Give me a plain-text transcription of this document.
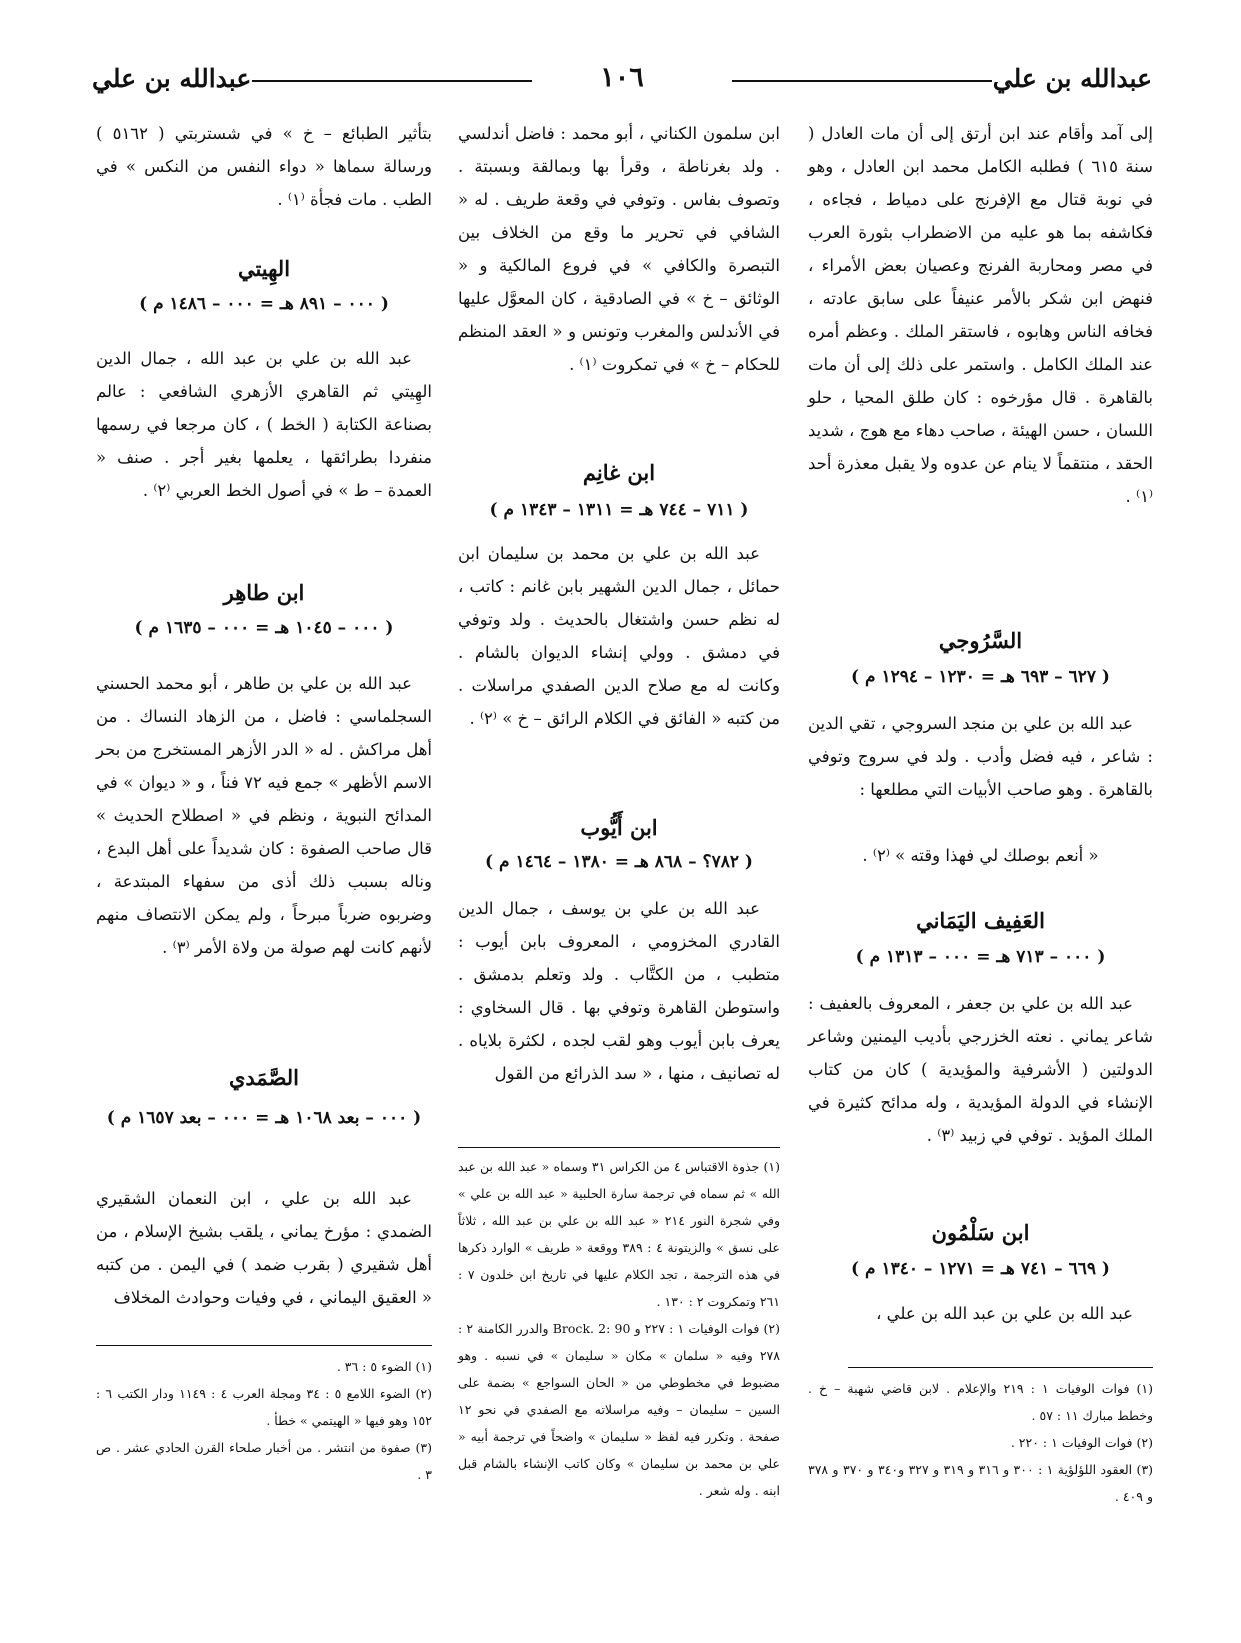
عبدالله بن علي
١٠٦
عبدالله بن علي

إلى آمد وأقام عند ابن أرتق إلى أن مات العادل ( سنة ٦١٥ ) فطلبه الكامل محمد ابن العادل ، وهو في نوبة قتال مع الإفرنج على دمياط ، فجاءه ، فكاشفه بما هو عليه من الاضطراب بثورة العرب في مصر ومحاربة الفرنج وعصيان بعض الأمراء ، فنهض ابن شكر بالأمر عنيفاً على سابق عادته ، فخافه الناس وهابوه ، فاستقر الملك . وعظم أمره عند الملك الكامل . واستمر على ذلك إلى أن مات بالقاهرة . قال مؤرخوه : كان طلق المحيا ، حلو اللسان ، حسن الهيئة ، صاحب دهاء مع هوج ، شديد الحقد ، منتقماً لا ينام عن عدوه ولا يقبل معذرة أحد ⁽١⁾ .

السَّرُوجي
( ٦٢٧ – ٦٩٣ هـ = ١٢٣٠ – ١٢٩٤ م )

عبد الله بن علي بن منجد السروجي ، تقي الدين : شاعر ، فيه فضل وأدب . ولد في سروج وتوفي بالقاهرة . وهو صاحب الأبيات التي مطلعها :

« أنعم بوصلك لي فهذا وقته » ⁽٢⁾ .

العَفِيف اليَمَاني
( ٠٠٠ – ٧١٣ هـ = ٠٠٠ – ١٣١٣ م )

عبد الله بن علي بن جعفر ، المعروف بالعفيف : شاعر يماني . نعته الخزرجي بأديب اليمنين وشاعر الدولتين ( الأشرفية والمؤيدية ) كان من كتاب الإنشاء في الدولة المؤيدية ، وله مدائح كثيرة في الملك المؤيد . توفي في زبيد ⁽٣⁾ .

ابن سَلْمُون
( ٦٦٩ – ٧٤١ هـ = ١٢٧١ – ١٣٤٠ م )

عبد الله بن علي بن عبد الله بن علي ،

(١) فوات الوفيات ١ : ٢١٩ والإعلام . لابن قاضي شهبة – خ . وخطط مبارك ١١ : ٥٧ .

(٢) فوات الوفيات ١ : ٢٢٠ .

(٣) العقود اللؤلؤية ١ : ٣٠٠ و ٣١٦ و ٣١٩ و ٣٢٧ و٣٤٠ و ٣٧٠ و ٣٧٨ و ٤٠٩ .

ابن سلمون الكناني ، أبو محمد : فاضل أندلسي . ولد بغرناطة ، وقرأ بها وبمالقة وبسبتة . وتصوف بفاس . وتوفي في وقعة طريف . له « الشافي في تحرير ما وقع من الخلاف بين التبصرة والكافي » في فروع المالكية و « الوثائق – خ » في الصادقية ، كان المعوَّل عليها في الأندلس والمغرب وتونس و « العقد المنظم للحكام – خ » في تمكروت ⁽١⁾ .

ابن غانِم
( ٧١١ – ٧٤٤ هـ = ١٣١١ – ١٣٤٣ م )

عبد الله بن علي بن محمد بن سليمان ابن حمائل ، جمال الدين الشهير بابن غانم : كاتب ، له نظم حسن واشتغال بالحديث . ولد وتوفي في دمشق . وولي إنشاء الديوان بالشام . وكانت له مع صلاح الدين الصفدي مراسلات . من كتبه « الفائق في الكلام الرائق – خ » ⁽٢⁾ .

ابن أَيُّوب
( ٧٨٢؟ – ٨٦٨ هـ = ١٣٨٠ – ١٤٦٤ م )

عبد الله بن علي بن يوسف ، جمال الدين القادري المخزومي ، المعروف بابن أيوب : متطبب ، من الكتَّاب . ولد وتعلم بدمشق . واستوطن القاهرة وتوفي بها . قال السخاوي : يعرف بابن أيوب وهو لقب لجده ، لكثرة بلاياه . له تصانيف ، منها ، « سد الذرائع من القول

(١) جذوة الاقتباس ٤ من الكراس ٣١ وسماه « عبد الله بن عبد الله » ثم سماه في ترجمة سارة الحلبية « عبد الله بن علي » وفي شجرة النور ٢١٤ « عبد الله بن علي بن عبد الله ، ثلاثاً على نسق » والزيتونة ٤ : ٣٨٩ ووقعة « طريف » الوارد ذكرها في هذه الترجمة ، تجد الكلام عليها في تاريخ ابن خلدون ٧ : ٢٦١ وتمكروت ٢ : ١٣٠ .

(٢) فوات الوفيات ١ : ٢٢٧ و Brock. 2: 90 والدرر الكامنة ٢ : ٢٧٨ وفيه « سلمان » مكان « سليمان » في نسبه . وهو مضبوط في مخطوطي من « الحان السواجع » بضمة على السين – سليمان – وفيه مراسلاته مع الصفدي في نحو ١٢ صفحة . وتكرر فيه لفظ « سليمان » واضحاً في ترجمة أبيه « علي بن محمد بن سليمان » وكان كاتب الإنشاء بالشام قبل ابنه . وله شعر .

بتأثير الطبائع – خ » في شستربتي ( ٥١٦٢ ) ورسالة سماها « دواء النفس من النكس » في الطب . مات فجأة ⁽١⁾ .

الهِيتي
( ٠٠٠ – ٨٩١ هـ = ٠٠٠ – ١٤٨٦ م )

عبد الله بن علي بن عبد الله ، جمال الدين الهِيتي ثم القاهري الأزهري الشافعي : عالم بصناعة الكتابة ( الخط ) ، كان مرجعا في رسمها منفردا بطرائقها ، يعلمها بغير أجر . صنف « العمدة – ط » في أصول الخط العربي ⁽٢⁾ .

ابن طاهِر
( ٠٠٠ – ١٠٤٥ هـ = ٠٠٠ – ١٦٣٥ م )

عبد الله بن علي بن طاهر ، أبو محمد الحسني السجلماسي : فاضل ، من الزهاد النساك . من أهل مراكش . له « الدر الأزهر المستخرج من بحر الاسم الأظهر » جمع فيه ٧٢ فناً ، و « ديوان » في المدائح النبوية ، ونظم في « اصطلاح الحديث » قال صاحب الصفوة : كان شديداً على أهل البدع ، وناله بسبب ذلك أذى من سفهاء المبتدعة ، وضربوه ضرباً مبرحاً ، ولم يمكن الانتصاف منهم لأنهم كانت لهم صولة من ولاة الأمر ⁽٣⁾ .

الصَّمَدي
( ٠٠٠ – بعد ١٠٦٨ هـ = ٠٠٠ – بعد ١٦٥٧ م )

عبد الله بن علي ، ابن النعمان الشقيري الضمدي : مؤرخ يماني ، يلقب بشيخ الإسلام ، من أهل شقيري ( بقرب ضمد ) في اليمن . من كتبه « العقيق اليماني ، في وفيات وحوادث المخلاف

(١) الضوء ٥ : ٣٦ .

(٢) الضوء اللامع ٥ : ٣٤ ومجلة العرب ٤ : ١١٤٩ ودار الكتب ٦ : ١٥٢ وهو فيها « الهيتمي » خطأ .

(٣) صفوة من انتشر . من أخبار صلحاء القرن الحادي عشر . ص ٣ .
